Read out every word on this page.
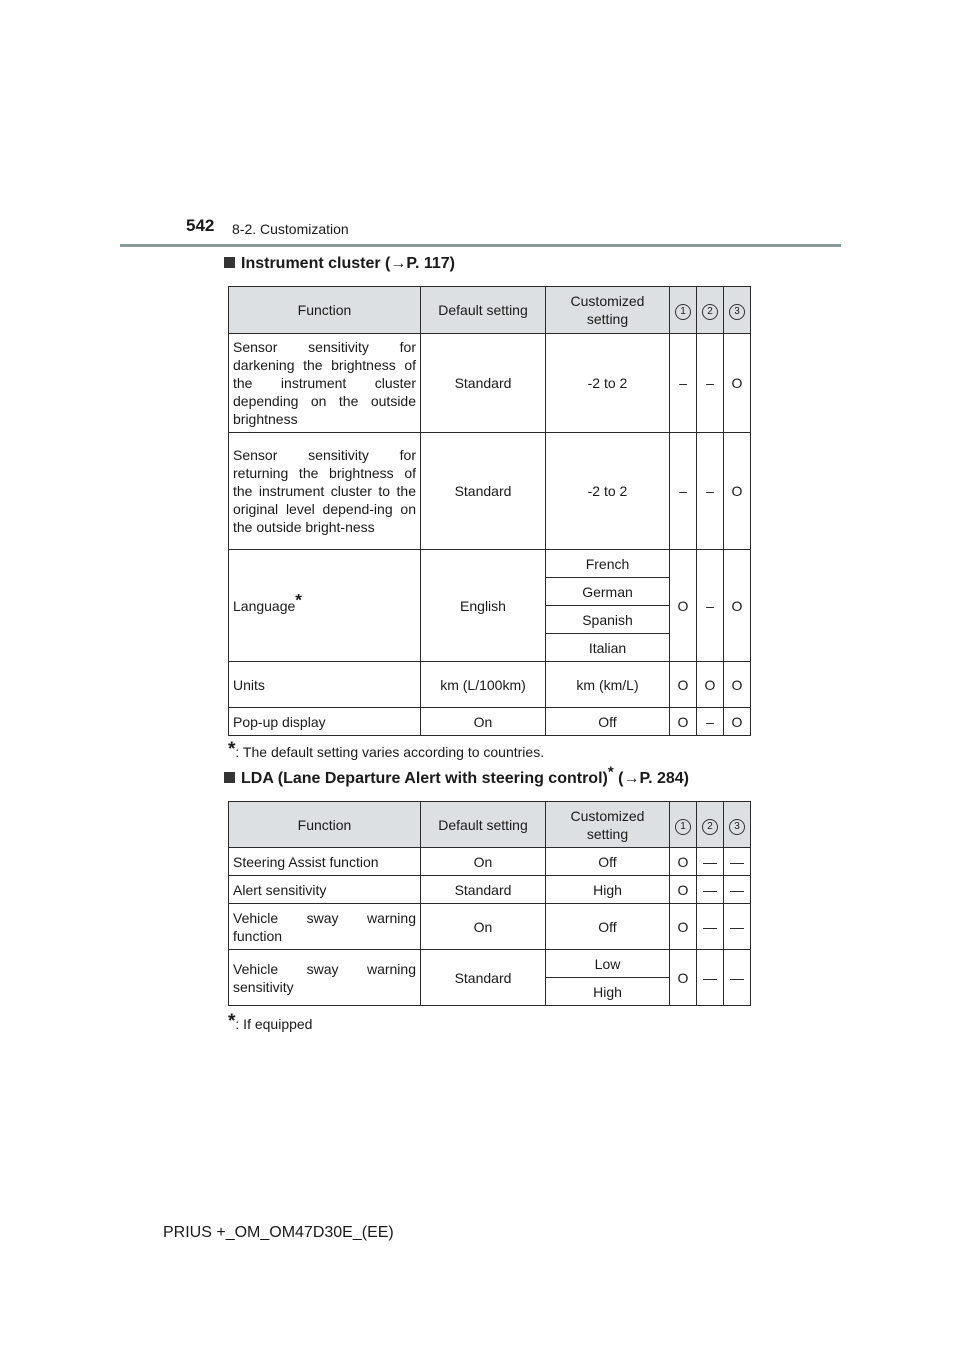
542 8-2. Customization
Instrument cluster (→P. 117)
Function	Default setting	Customized setting	1	2	3
Sensor sensitivity for darkening the brightness of the instrument cluster depending on the outside brightness	Standard	-2 to 2	–	–	O
Sensor sensitivity for returning the brightness of the instrument cluster to the original level depend-ing on the outside bright-ness	Standard	-2 to 2	–	–	O
Language*	English	French	O	–	O
		German			
		Spanish			
		Italian			
Units	km (L/100km)	km (km/L)	O	O	O
Pop-up display	On	Off	O	–	O
*: The default setting varies according to countries.
LDA (Lane Departure Alert with steering control)* (→P. 284)
Function	Default setting	Customized setting	1	2	3
Steering Assist function	On	Off	O	—	—
Alert sensitivity	Standard	High	O	—	—
Vehicle sway warning function	On	Off	O	—	—
Vehicle sway warning sensitivity	Standard	Low	O	—	—
		High			
*: If equipped
PRIUS +_OM_OM47D30E_(EE)
